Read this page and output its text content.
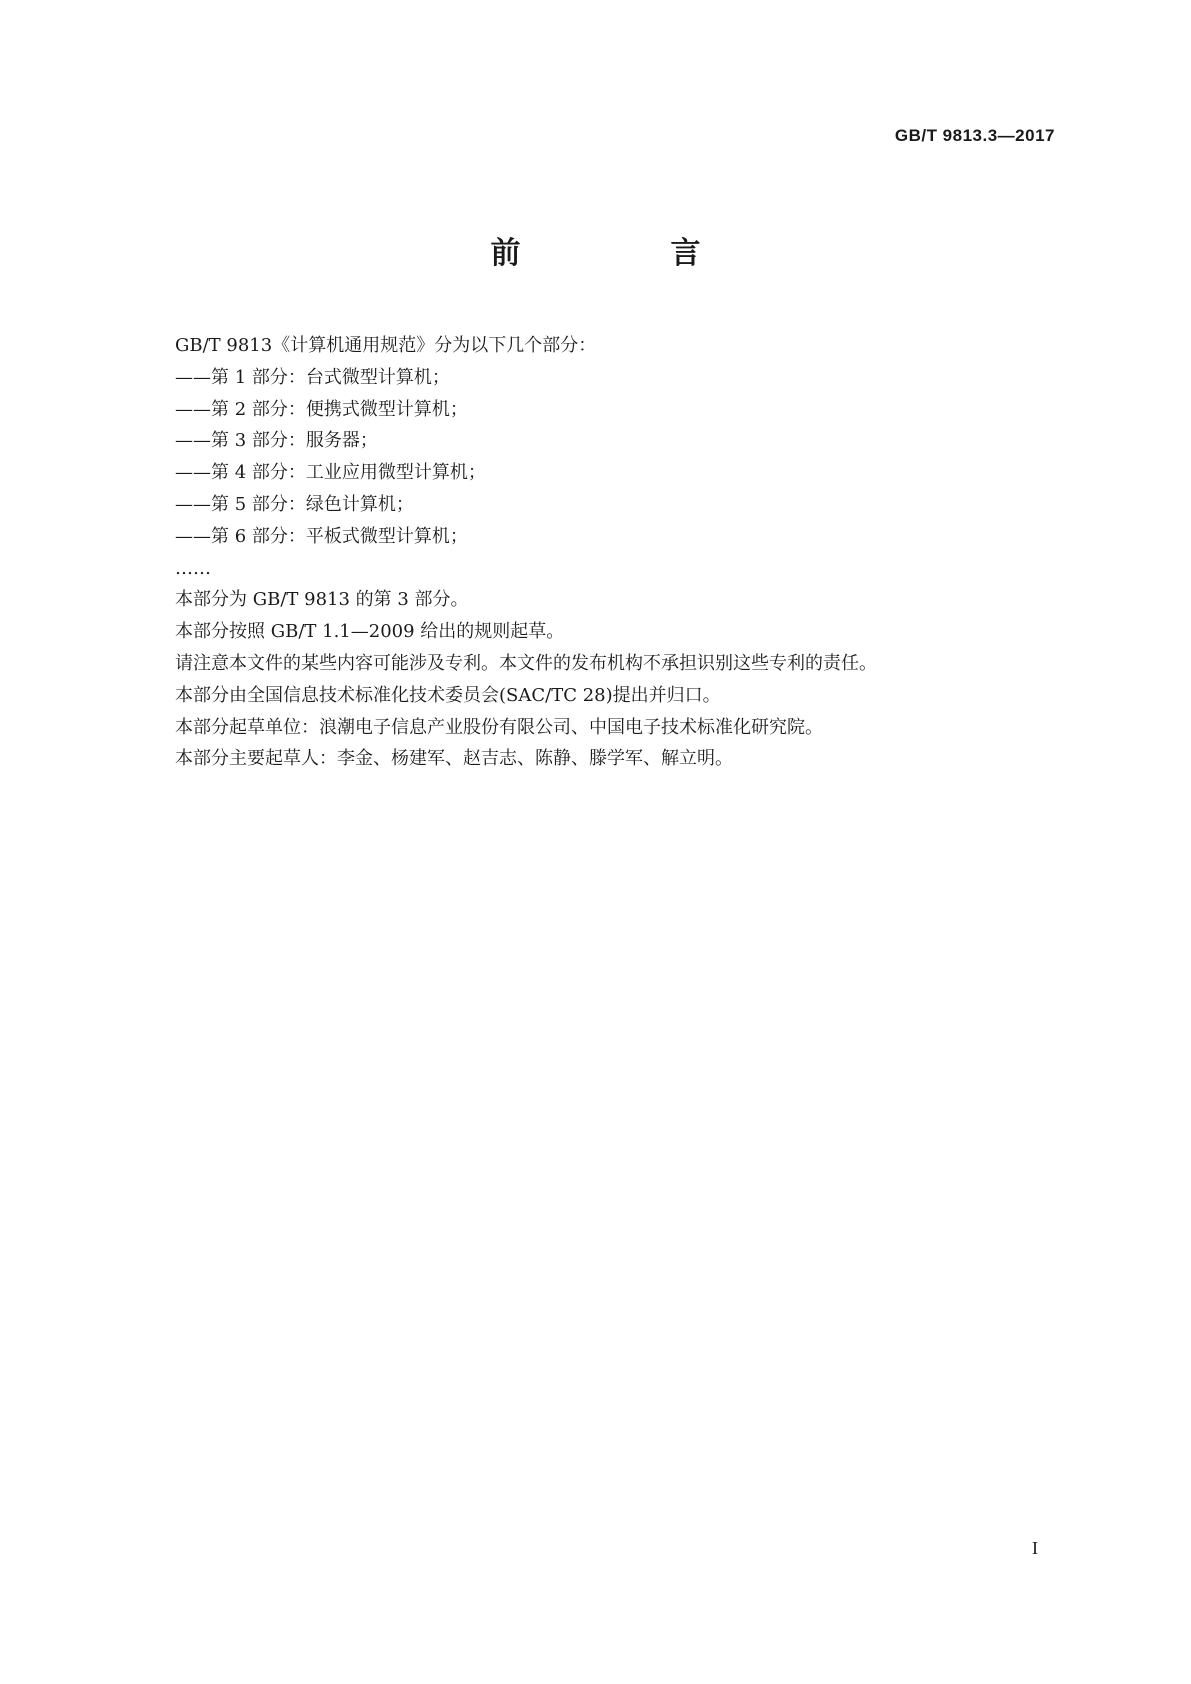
GB/T 9813.3—2017
前　言

GB/T 9813《计算机通用规范》分为以下几个部分：

——第 1 部分：台式微型计算机；

——第 2 部分：便携式微型计算机；

——第 3 部分：服务器；

——第 4 部分：工业应用微型计算机；

——第 5 部分：绿色计算机；

——第 6 部分：平板式微型计算机；

……

本部分为 GB/T 9813 的第 3 部分。

本部分按照 GB/T 1.1—2009 给出的规则起草。

请注意本文件的某些内容可能涉及专利。本文件的发布机构不承担识别这些专利的责任。

本部分由全国信息技术标准化技术委员会(SAC/TC 28)提出并归口。

本部分起草单位：浪潮电子信息产业股份有限公司、中国电子技术标准化研究院。

本部分主要起草人：李金、杨建军、赵吉志、陈静、滕学军、解立明。

I
